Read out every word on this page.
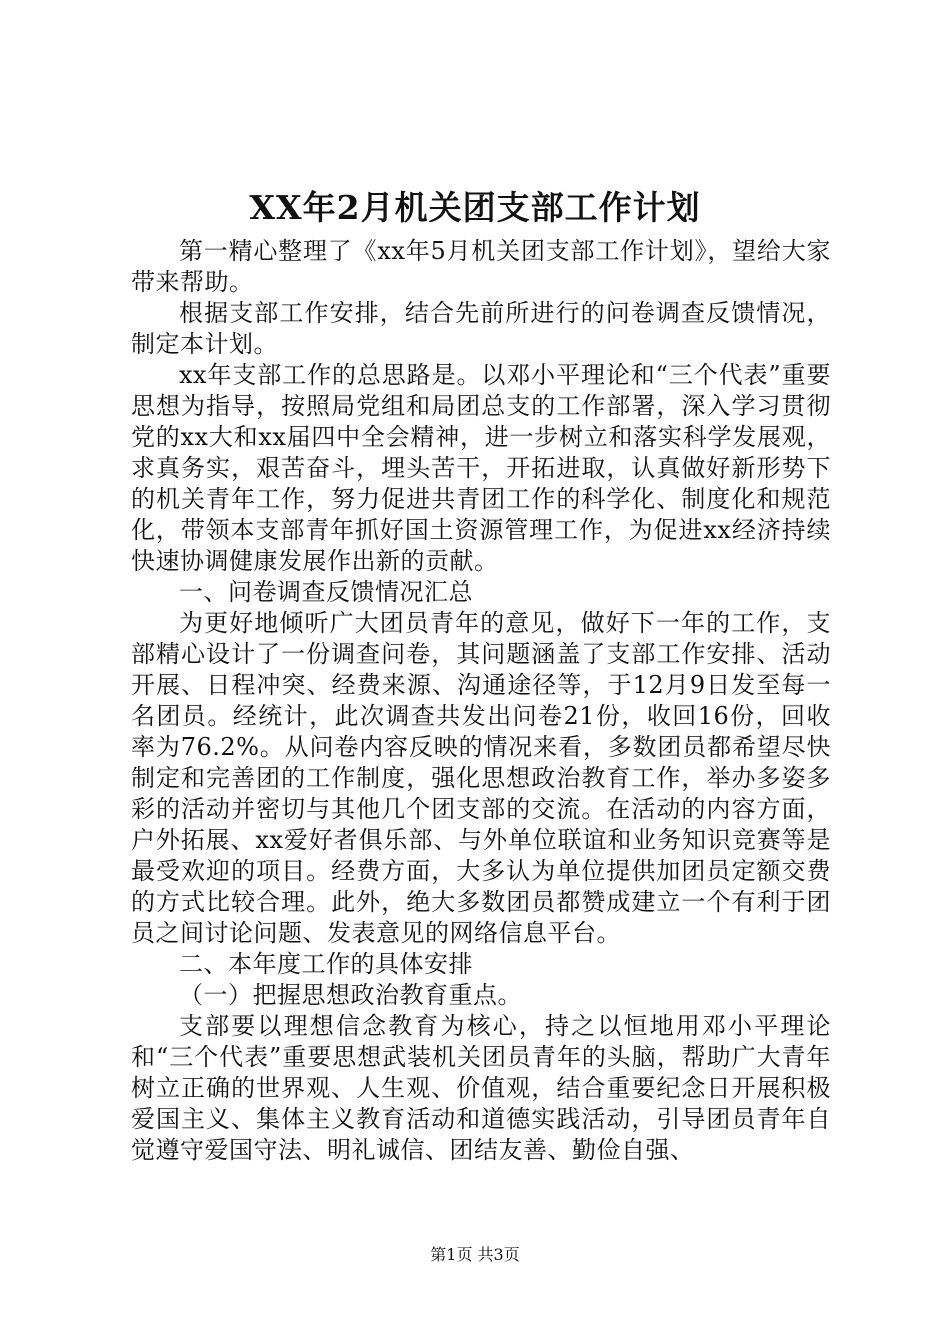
XX年2月机关团支部工作计划

第一精心整理了《xx年5月机关团支部工作计划》，望给大家带来帮助。

根据支部工作安排，结合先前所进行的问卷调查反馈情况，制定本计划。

xx年支部工作的总思路是。以邓小平理论和“三个代表”重要思想为指导，按照局党组和局团总支的工作部署，深入学习贯彻党的xx大和xx届四中全会精神，进一步树立和落实科学发展观，求真务实，艰苦奋斗，埋头苦干，开拓进取，认真做好新形势下的机关青年工作，努力促进共青团工作的科学化、制度化和规范化，带领本支部青年抓好国土资源管理工作，为促进xx经济持续快速协调健康发展作出新的贡献。

一、问卷调查反馈情况汇总

为更好地倾听广大团员青年的意见，做好下一年的工作，支部精心设计了一份调查问卷，其问题涵盖了支部工作安排、活动开展、日程冲突、经费来源、沟通途径等，于12月9日发至每一名团员。经统计，此次调查共发出问卷21份，收回16份，回收率为76.2%。从问卷内容反映的情况来看，多数团员都希望尽快制定和完善团的工作制度，强化思想政治教育工作，举办多姿多彩的活动并密切与其他几个团支部的交流。在活动的内容方面，户外拓展、xx爱好者俱乐部、与外单位联谊和业务知识竞赛等是最受欢迎的项目。经费方面，大多认为单位提供加团员定额交费的方式比较合理。此外，绝大多数团员都赞成建立一个有利于团员之间讨论问题、发表意见的网络信息平台。

二、本年度工作的具体安排

（一）把握思想政治教育重点。

支部要以理想信念教育为核心，持之以恒地用邓小平理论和“三个代表”重要思想武装机关团员青年的头脑，帮助广大青年树立正确的世界观、人生观、价值观，结合重要纪念日开展积极爱国主义、集体主义教育活动和道德实践活动，引导团员青年自觉遵守爱国守法、明礼诚信、团结友善、勤俭自强、

第1页 共3页
